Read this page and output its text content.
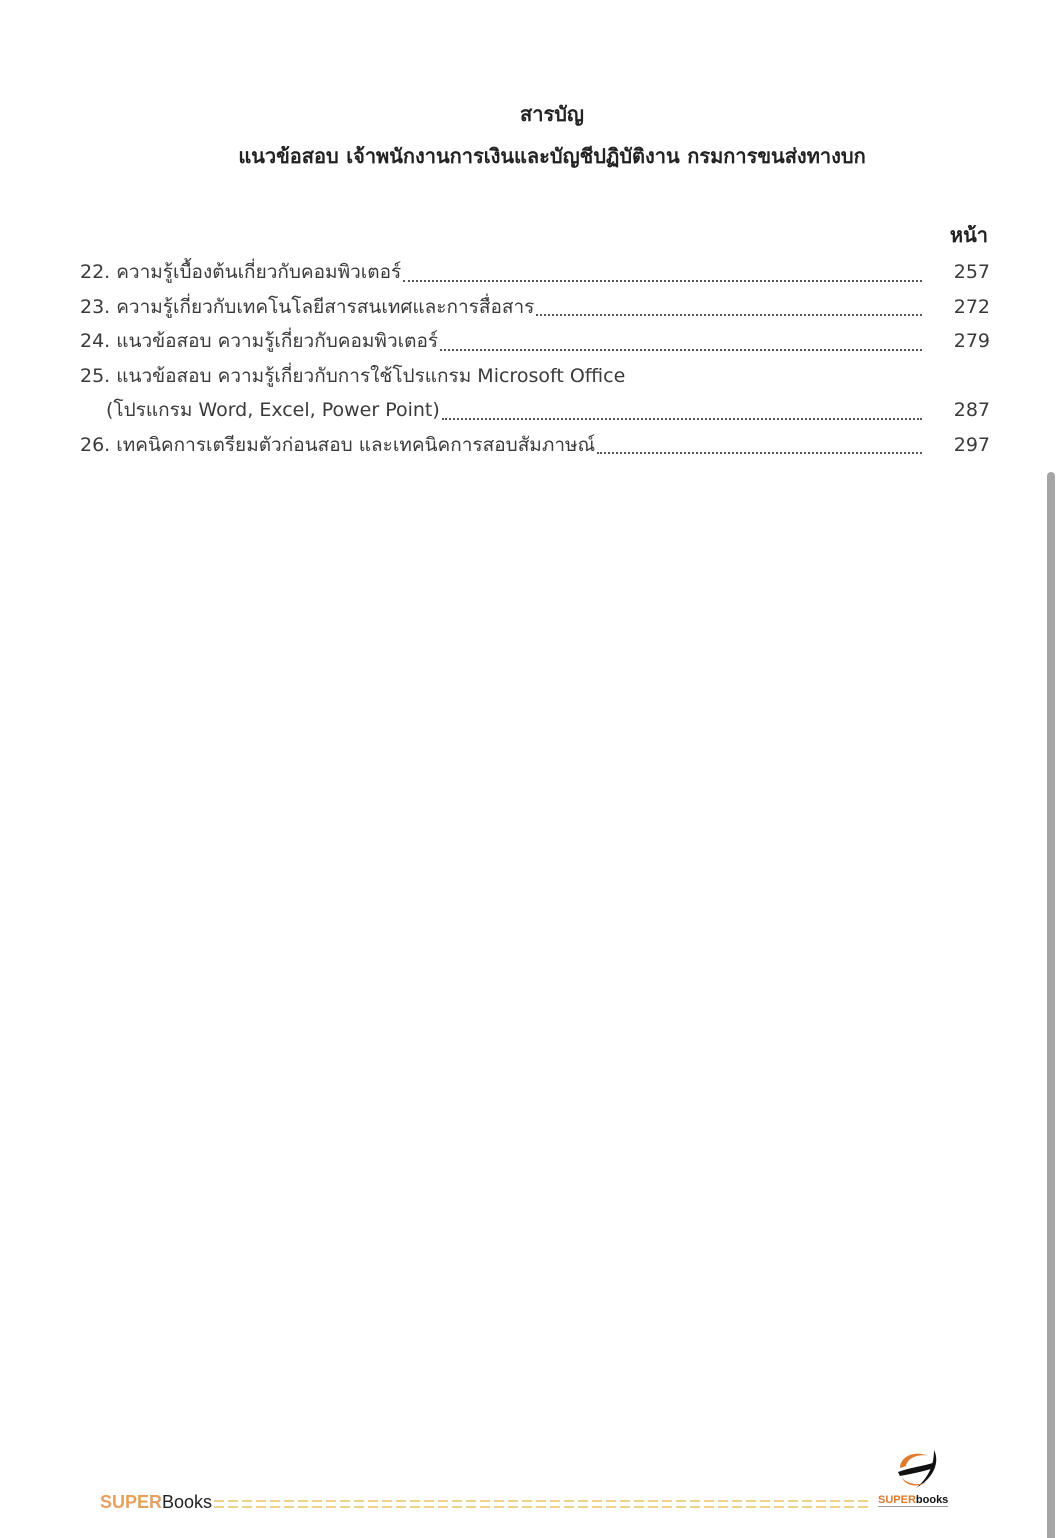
สารบัญ
แนวข้อสอบ เจ้าพนักงานการเงินและบัญชีปฏิบัติงาน กรมการขนส่งทางบก
หน้า
22. ความรู้เบื้องต้นเกี่ยวกับคอมพิวเตอร์	257
23. ความรู้เกี่ยวกับเทคโนโลยีสารสนเทศและการสื่อสาร	272
24. แนวข้อสอบ ความรู้เกี่ยวกับคอมพิวเตอร์	279
25. แนวข้อสอบ ความรู้เกี่ยวกับการใช้โปรแกรม Microsoft Office
(โปรแกรม Word, Excel, Power Point)	287
26. เทคนิคการเตรียมตัวก่อนสอบ และเทคนิคการสอบสัมภาษณ์	297
SUPERBooks	SUPERbooks
